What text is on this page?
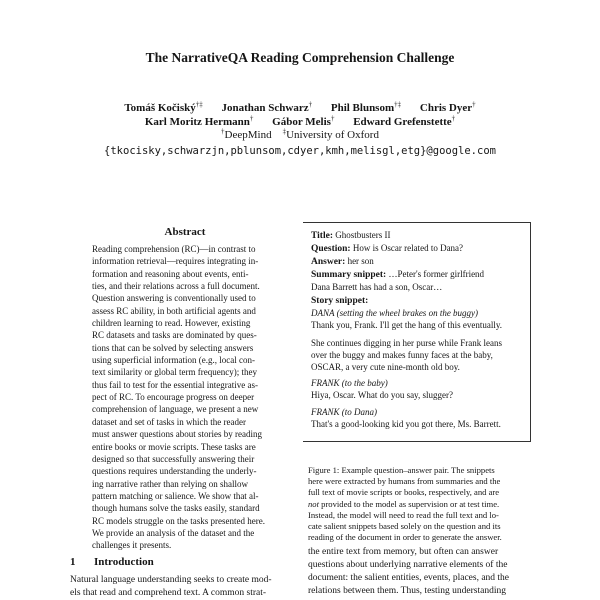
The NarrativeQA Reading Comprehension Challenge
Tomáš Kočiský†‡ Jonathan Schwarz† Phil Blunsom†‡ Chris Dyer†
Karl Moritz Hermann† Gábor Melis† Edward Grefenstette†
†DeepMind ‡University of Oxford
{tkocisky,schwarzjn,pblunsom,cdyer,kmh,melisgl,etg}@google.com
Abstract
Reading comprehension (RC)—in contrast to
information retrieval—requires integrating in-
formation and reasoning about events, enti-
ties, and their relations across a full document.
Question answering is conventionally used to
assess RC ability, in both artificial agents and
children learning to read. However, existing
RC datasets and tasks are dominated by ques-
tions that can be solved by selecting answers
using superficial information (e.g., local con-
text similarity or global term frequency); they
thus fail to test for the essential integrative as-
pect of RC. To encourage progress on deeper
comprehension of language, we present a new
dataset and set of tasks in which the reader
must answer questions about stories by reading
entire books or movie scripts. These tasks are
designed so that successfully answering their
questions requires understanding the underly-
ing narrative rather than relying on shallow
pattern matching or salience. We show that al-
though humans solve the tasks easily, standard
RC models struggle on the tasks presented here.
We provide an analysis of the dataset and the
challenges it presents.
1 Introduction
Natural language understanding seeks to create mod-
els that read and comprehend text. A common strat-
Title: Ghostbusters II
Question: How is Oscar related to Dana?
Answer: her son
Summary snippet: …Peter's former girlfriend
Dana Barrett has had a son, Oscar…
Story snippet:
DANA (setting the wheel brakes on the buggy)
Thank you, Frank. I'll get the hang of this eventually.
She continues digging in her purse while Frank leans
over the buggy and makes funny faces at the baby,
OSCAR, a very cute nine-month old boy.
FRANK (to the baby)
Hiya, Oscar. What do you say, slugger?
FRANK (to Dana)
That's a good-looking kid you got there, Ms. Barrett.
Figure 1: Example question–answer pair. The snippets
here were extracted by humans from summaries and the
full text of movie scripts or books, respectively, and are
not provided to the model as supervision or at test time.
Instead, the model will need to read the full text and lo-
cate salient snippets based solely on the question and its
reading of the document in order to generate the answer.
the entire text from memory, but often can answer
questions about underlying narrative elements of the
document: the salient entities, events, places, and the
relations between them. Thus, testing understanding
